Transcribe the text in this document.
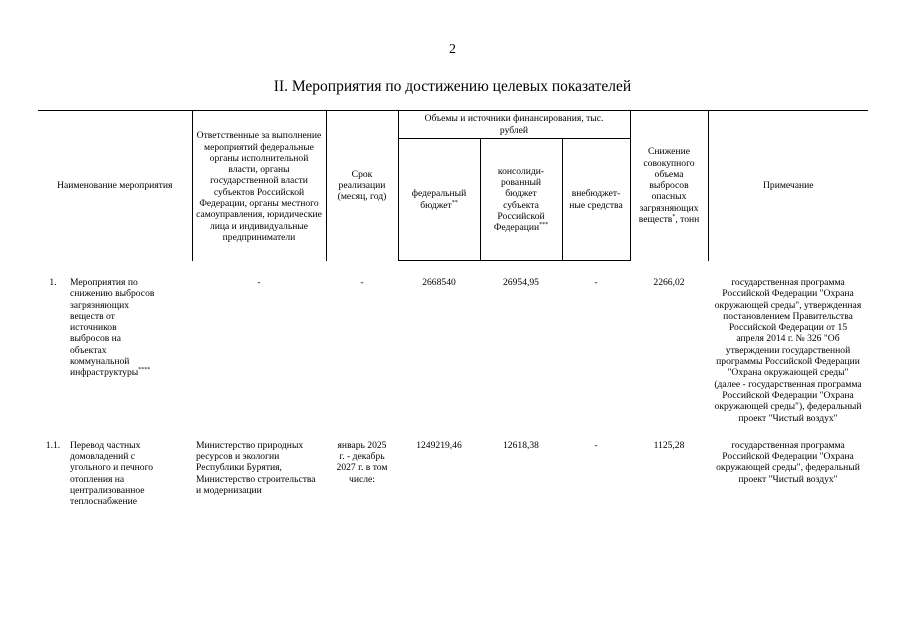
2
II. Мероприятия по достижению целевых показателей
Наименование мероприятия		Ответственные за выполнение мероприятий федеральные органы исполнительной власти, органы государственной власти субъектов Российской Федерации, органы местного самоуправления, юридические лица и индивидуальные предприниматели	Срок реализации (месяц, год)	Объемы и источники финансирования, тыс. рублей			Снижение совокупного объема выбросов опасных загрязняющих веществ*, тонн	Примечание
				федеральный бюджет**	консолиди-рованный бюджет субъекта Российской Федерации***	внебюджет-ные средства		

1.	Мероприятия по снижению выбросов загрязняющих веществ от источников выбросов на объектах коммунальной инфраструктуры****	-	-	2668540	26954,95	-	2266,02	государственная программа Российской Федерации "Охрана окружающей среды", утвержденная постановлением Правительства Российской Федерации от 15 апреля 2014 г. № 326 "Об утверждении государственной программы Российской Федерации "Охрана окружающей среды" (далее - государственная программа Российской Федерации "Охрана окружающей среды"), федеральный проект "Чистый воздух"

1.1.	Перевод частных домовладений с угольного и печного отопления на централизованное теплоснабжение	Министерство природных ресурсов и экологии Республики Бурятия, Министерство строительства и модернизации	январь 2025 г. - декабрь 2027 г. в том числе:	1249219,46	12618,38	-	1125,28	государственная программа Российской Федерации "Охрана окружающей среды", федеральный проект "Чистый воздух"
